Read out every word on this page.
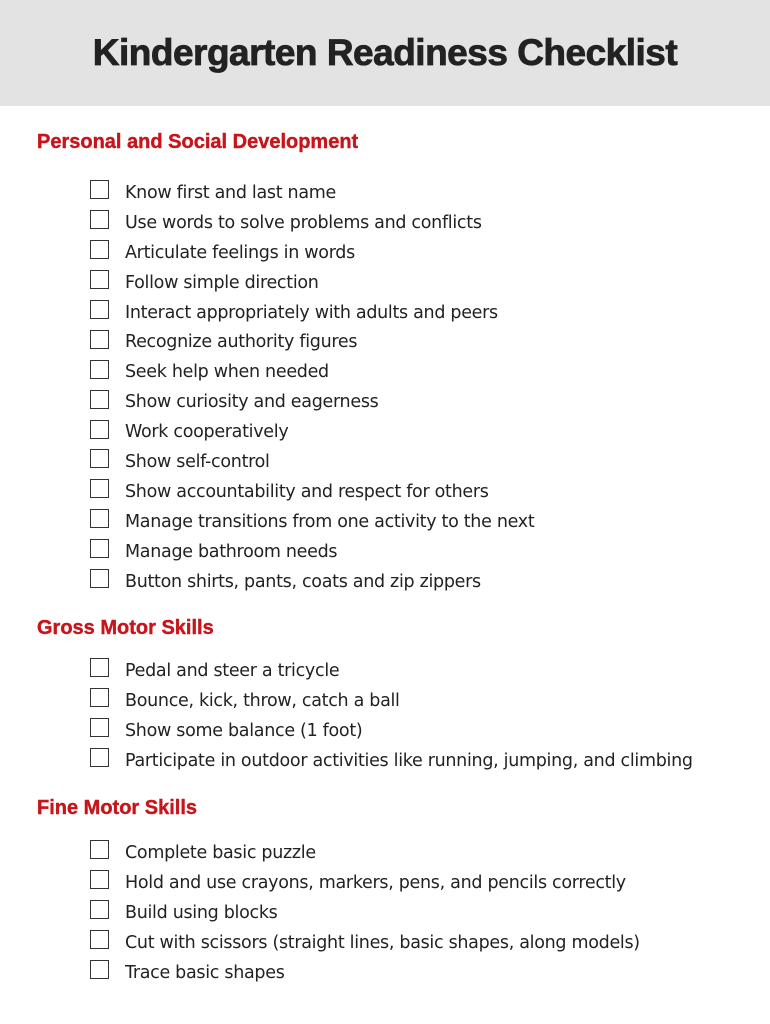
Kindergarten Readiness Checklist
Personal and Social Development
Know first and last name
Use words to solve problems and conflicts
Articulate feelings in words
Follow simple direction
Interact appropriately with adults and peers
Recognize authority figures
Seek help when needed
Show curiosity and eagerness
Work cooperatively
Show self-control
Show accountability and respect for others
Manage transitions from one activity to the next
Manage bathroom needs
Button shirts, pants, coats and zip zippers
Gross Motor Skills
Pedal and steer a tricycle
Bounce, kick, throw, catch a ball
Show some balance (1 foot)
Participate in outdoor activities like running, jumping, and climbing
Fine Motor Skills
Complete basic puzzle
Hold and use crayons, markers, pens, and pencils correctly
Build using blocks
Cut with scissors (straight lines, basic shapes, along models)
Trace basic shapes
